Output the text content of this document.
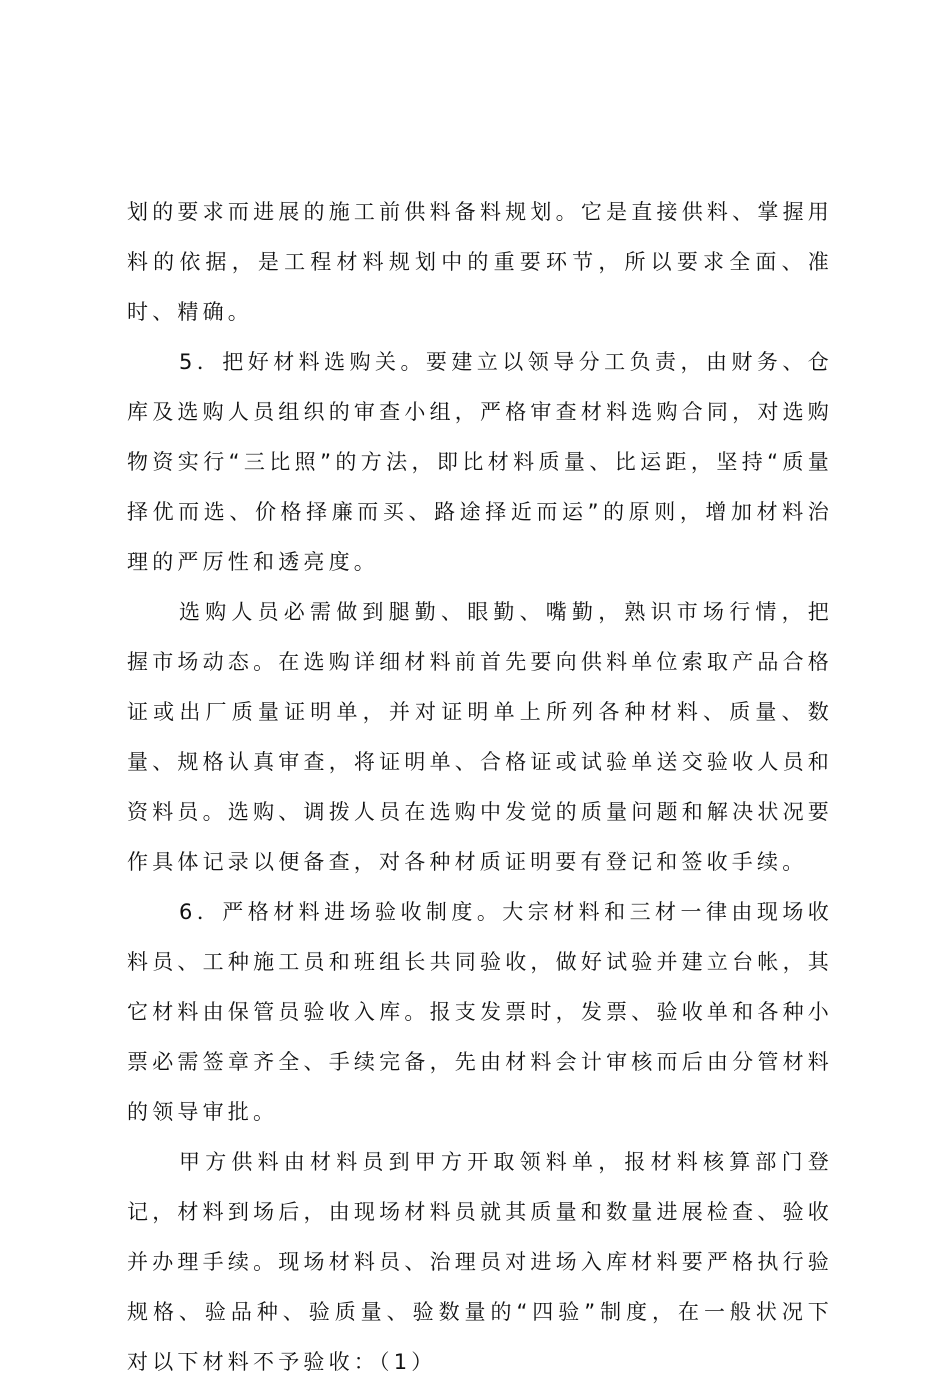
划的要求而进展的施工前供料备料规划。它是直接供料、掌握用料的依据，是工程材料规划中的重要环节，所以要求全面、准时、精确。

5．把好材料选购关。要建立以领导分工负责，由财务、仓库及选购人员组织的审查小组，严格审查材料选购合同，对选购物资实行“三比照”的方法，即比材料质量、比运距，坚持“质量择优而选、价格择廉而买、路途择近而运”的原则，增加材料治理的严厉性和透亮度。

选购人员必需做到腿勤、眼勤、嘴勤，熟识市场行情，把握市场动态。在选购详细材料前首先要向供料单位索取产品合格证或出厂质量证明单，并对证明单上所列各种材料、质量、数量、规格认真审查，将证明单、合格证或试验单送交验收人员和资料员。选购、调拨人员在选购中发觉的质量问题和解决状况要作具体记录以便备查，对各种材质证明要有登记和签收手续。

6．严格材料进场验收制度。大宗材料和三材一律由现场收料员、工种施工员和班组长共同验收，做好试验并建立台帐，其它材料由保管员验收入库。报支发票时，发票、验收单和各种小票必需签章齐全、手续完备，先由材料会计审核而后由分管材料的领导审批。

甲方供料由材料员到甲方开取领料单，报材料核算部门登记，材料到场后，由现场材料员就其质量和数量进展检查、验收并办理手续。现场材料员、治理员对进场入库材料要严格执行验规格、验品种、验质量、验数量的“四验”制度，在一般状况下对以下材料不予验收：（1）
